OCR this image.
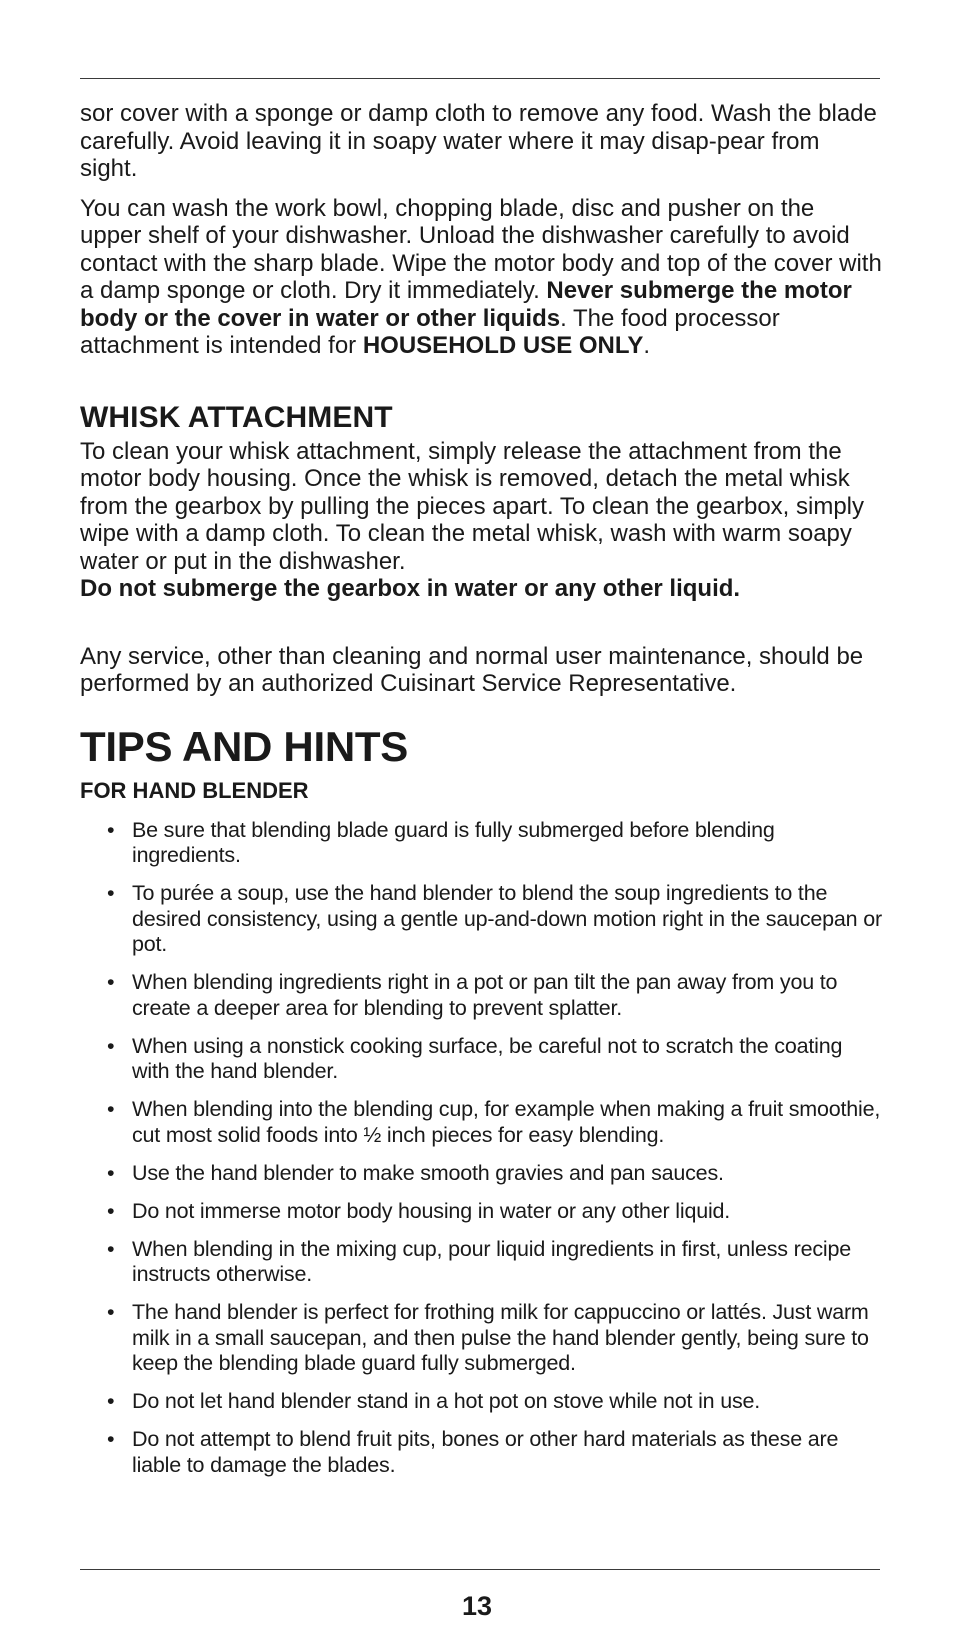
sor cover with a sponge or damp cloth to remove any food. Wash the blade carefully. Avoid leaving it in soapy water where it may disap-pear from sight.

You can wash the work bowl, chopping blade, disc and pusher on the upper shelf of your dishwasher. Unload the dishwasher carefully to avoid contact with the sharp blade. Wipe the motor body and top of the cover with a damp sponge or cloth. Dry it immediately. Never submerge the motor body or the cover in water or other liquids. The food processor attachment is intended for HOUSEHOLD USE ONLY.

WHISK ATTACHMENT

To clean your whisk attachment, simply release the attachment from the motor body housing. Once the whisk is removed, detach the metal whisk from the gearbox by pulling the pieces apart. To clean the gearbox, simply wipe with a damp cloth. To clean the metal whisk, wash with warm soapy water or put in the dishwasher.
Do not submerge the gearbox in water or any other liquid.

Any service, other than cleaning and normal user maintenance, should be performed by an authorized Cuisinart Service Representative.

TIPS AND HINTS
FOR HAND BLENDER
• Be sure that blending blade guard is fully submerged before blending ingredients.
• To purée a soup, use the hand blender to blend the soup ingredients to the desired consistency, using a gentle up-and-down motion right in the saucepan or pot.
• When blending ingredients right in a pot or pan tilt the pan away from you to create a deeper area for blending to prevent splatter.
• When using a nonstick cooking surface, be careful not to scratch the coating with the hand blender.
• When blending into the blending cup, for example when making a fruit smoothie, cut most solid foods into ½ inch pieces for easy blending.
• Use the hand blender to make smooth gravies and pan sauces.
• Do not immerse motor body housing in water or any other liquid.
• When blending in the mixing cup, pour liquid ingredients in first, unless recipe instructs otherwise.
• The hand blender is perfect for frothing milk for cappuccino or lattés. Just warm milk in a small saucepan, and then pulse the hand blender gently, being sure to keep the blending blade guard fully submerged.
• Do not let hand blender stand in a hot pot on stove while not in use.
• Do not attempt to blend fruit pits, bones or other hard materials as these are liable to damage the blades.
13
